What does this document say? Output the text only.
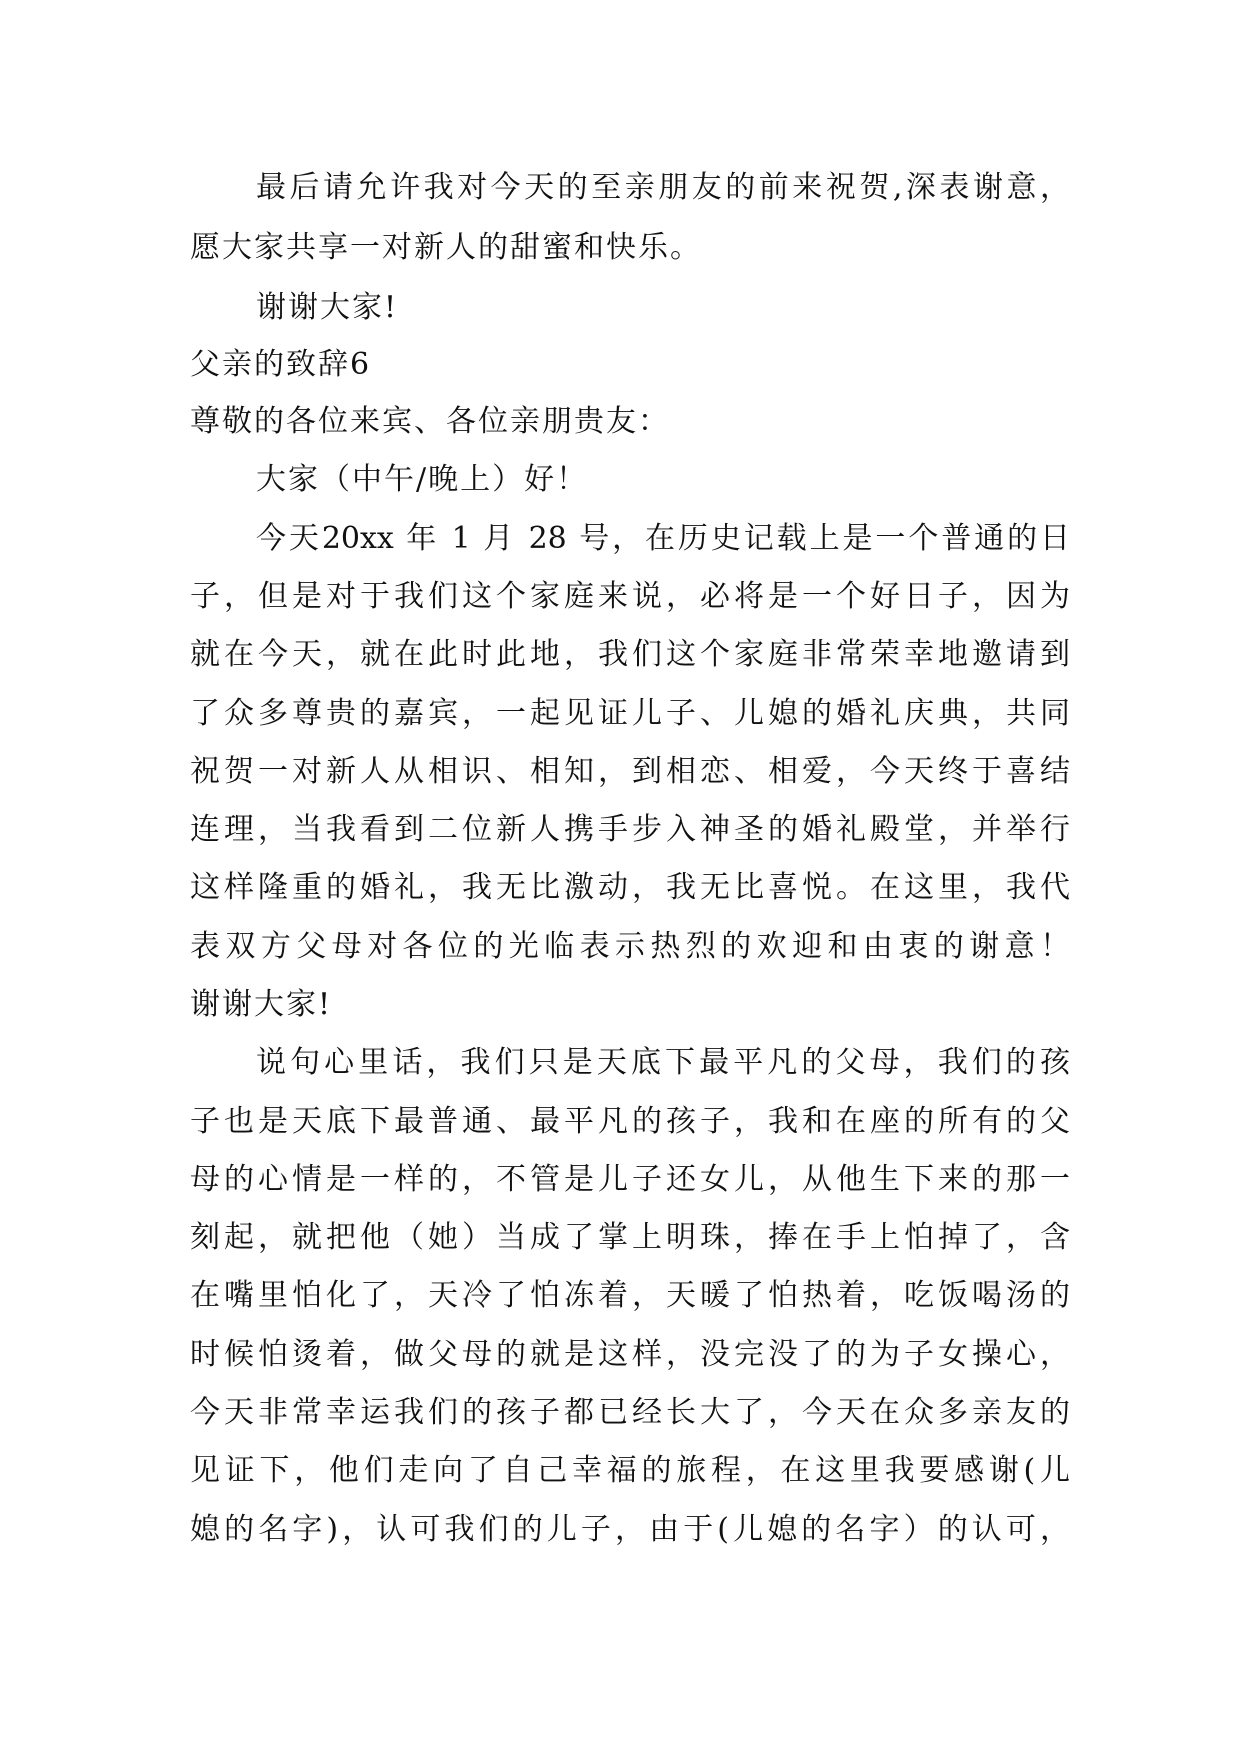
最后请允许我对今天的至亲朋友的前来祝贺,深表谢意，
愿大家共享一对新人的甜蜜和快乐。
谢谢大家!
父亲的致辞6
尊敬的各位来宾、各位亲朋贵友：
大家（中午/晚上）好！
今天20xx 年 1 月 28 号，在历史记载上是一个普通的日
子，但是对于我们这个家庭来说，必将是一个好日子，因为
就在今天，就在此时此地，我们这个家庭非常荣幸地邀请到
了众多尊贵的嘉宾，一起见证儿子、儿媳的婚礼庆典，共同
祝贺一对新人从相识、相知，到相恋、相爱，今天终于喜结
连理，当我看到二位新人携手步入神圣的婚礼殿堂，并举行
这样隆重的婚礼，我无比激动，我无比喜悦。在这里，我代
表双方父母对各位的光临表示热烈的欢迎和由衷的谢意！
谢谢大家!
说句心里话，我们只是天底下最平凡的父母，我们的孩
子也是天底下最普通、最平凡的孩子，我和在座的所有的父
母的心情是一样的，不管是儿子还女儿，从他生下来的那一
刻起，就把他（她）当成了掌上明珠，捧在手上怕掉了，含
在嘴里怕化了，天冷了怕冻着，天暖了怕热着，吃饭喝汤的
时候怕烫着，做父母的就是这样，没完没了的为子女操心，
今天非常幸运我们的孩子都已经长大了，今天在众多亲友的
见证下，他们走向了自己幸福的旅程，在这里我要感谢(儿
媳的名字)，认可我们的儿子，由于(儿媳的名字）的认可，
